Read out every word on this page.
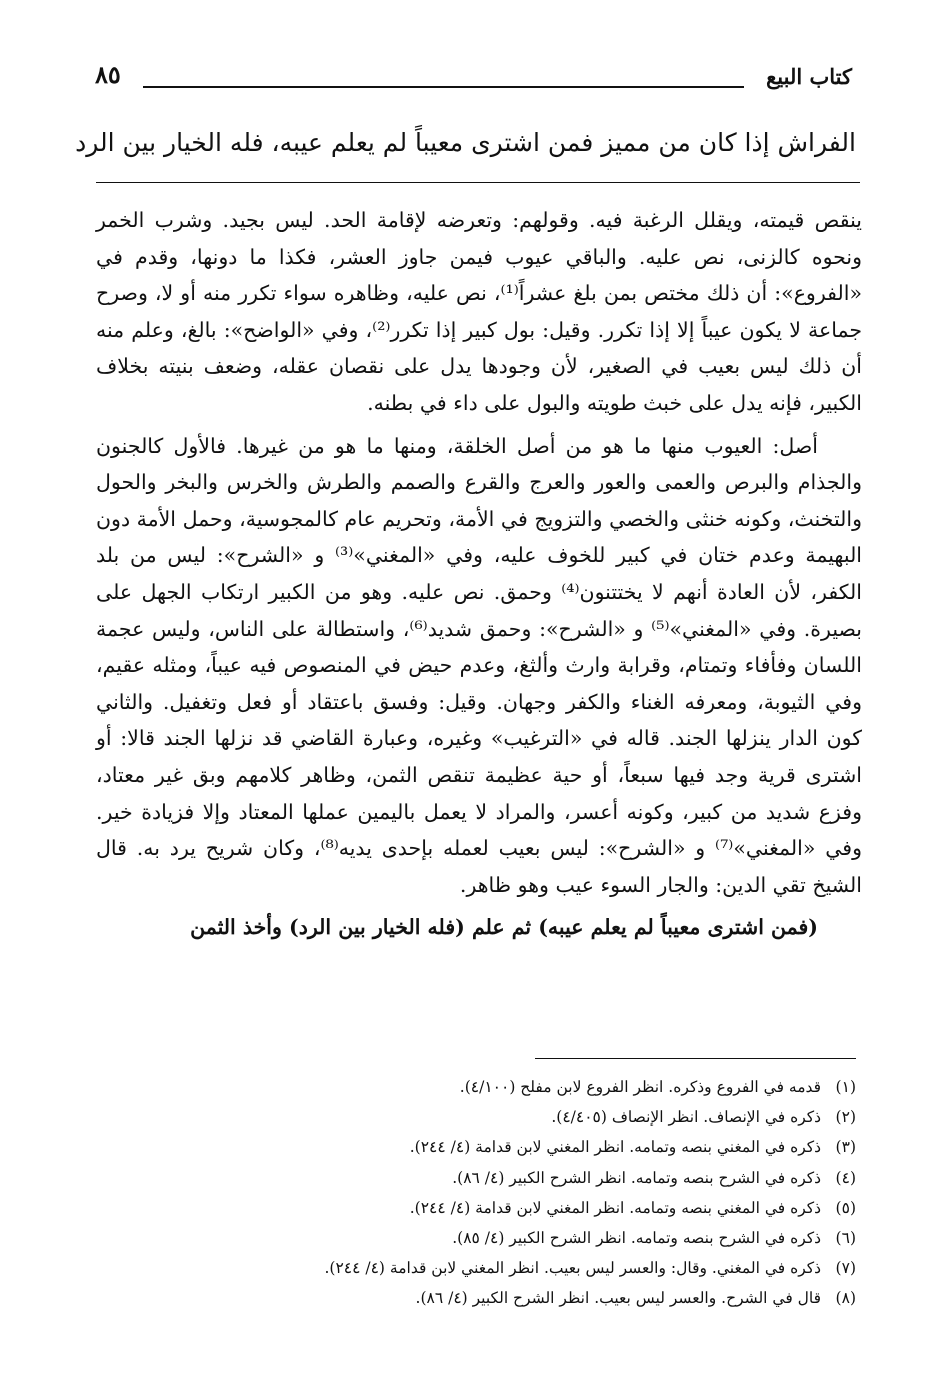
كتاب البيع
٨٥
الفراش إذا كان من مميز فمن اشترى معيباً لم يعلم عيبه، فله الخيار بين الرد

ينقص قيمته، ويقلل الرغبة فيه. وقولهم: وتعرضه لإقامة الحد. ليس بجيد. وشرب الخمر ونحوه كالزنى، نص عليه. والباقي عيوب فيمن جاوز العشر، فكذا ما دونها، وقدم في «الفروع»: أن ذلك مختص بمن بلغ عشراً⁽¹⁾، نص عليه، وظاهره سواء تكرر منه أو لا، وصرح جماعة لا يكون عيباً إلا إذا تكرر. وقيل: بول كبير إذا تكرر⁽²⁾، وفي «الواضح»: بالغ، وعلم منه أن ذلك ليس بعيب في الصغير، لأن وجودها يدل على نقصان عقله، وضعف بنيته بخلاف الكبير، فإنه يدل على خبث طويته والبول على داء في بطنه.

أصل: العيوب منها ما هو من أصل الخلقة، ومنها ما هو من غيرها. فالأول كالجنون والجذام والبرص والعمى والعور والعرج والقرع والصمم والطرش والخرس والبخر والحول والتخنث، وكونه خنثى والخصي والتزويج في الأمة، وتحريم عام كالمجوسية، وحمل الأمة دون البهيمة وعدم ختان في كبير للخوف عليه، وفي «المغني»⁽³⁾ و «الشرح»: ليس من بلد الكفر، لأن العادة أنهم لا يختتنون⁽⁴⁾ وحمق. نص عليه. وهو من الكبير ارتكاب الجهل على بصيرة. وفي «المغني»⁽⁵⁾ و «الشرح»: وحمق شديد⁽⁶⁾، واستطالة على الناس، وليس عجمة اللسان وفأفاء وتمتام، وقرابة وارث وألثغ، وعدم حيض في المنصوص فيه عيباً، ومثله عقيم، وفي الثيوبة، ومعرفه الغناء والكفر وجهان. وقيل: وفسق باعتقاد أو فعل وتغفيل. والثاني كون الدار ينزلها الجند. قاله في «الترغيب» وغيره، وعبارة القاضي قد نزلها الجند قالا: أو اشترى قرية وجد فيها سبعاً، أو حية عظيمة تنقص الثمن، وظاهر كلامهم وبق غير معتاد، وفزع شديد من كبير، وكونه أعسر، والمراد لا يعمل باليمين عملها المعتاد وإلا فزيادة خير. وفي «المغني»⁽⁷⁾ و «الشرح»: ليس بعيب لعمله بإحدى يديه⁽⁸⁾، وكان شريح يرد به. قال الشيخ تقي الدين: والجار السوء عيب وهو ظاهر.

(فمن اشترى معيباً لم يعلم عيبه) ثم علم (فله الخيار بين الرد) وأخذ الثمن

(١) قدمه في الفروع وذكره. انظر الفروع لابن مفلح (٤/١٠٠).
(٢) ذكره في الإنصاف. انظر الإنصاف (٤/٤٠٥).
(٣) ذكره في المغني بنصه وتمامه. انظر المغني لابن قدامة (٤/ ٢٤٤).
(٤) ذكره في الشرح بنصه وتمامه. انظر الشرح الكبير (٤/ ٨٦).
(٥) ذكره في المغني بنصه وتمامه. انظر المغني لابن قدامة (٤/ ٢٤٤).
(٦) ذكره في الشرح بنصه وتمامه. انظر الشرح الكبير (٤/ ٨٥).
(٧) ذكره في المغني. وقال: والعسر ليس بعيب. انظر المغني لابن قدامة (٤/ ٢٤٤).
(٨) قال في الشرح. والعسر ليس بعيب. انظر الشرح الكبير (٤/ ٨٦).
